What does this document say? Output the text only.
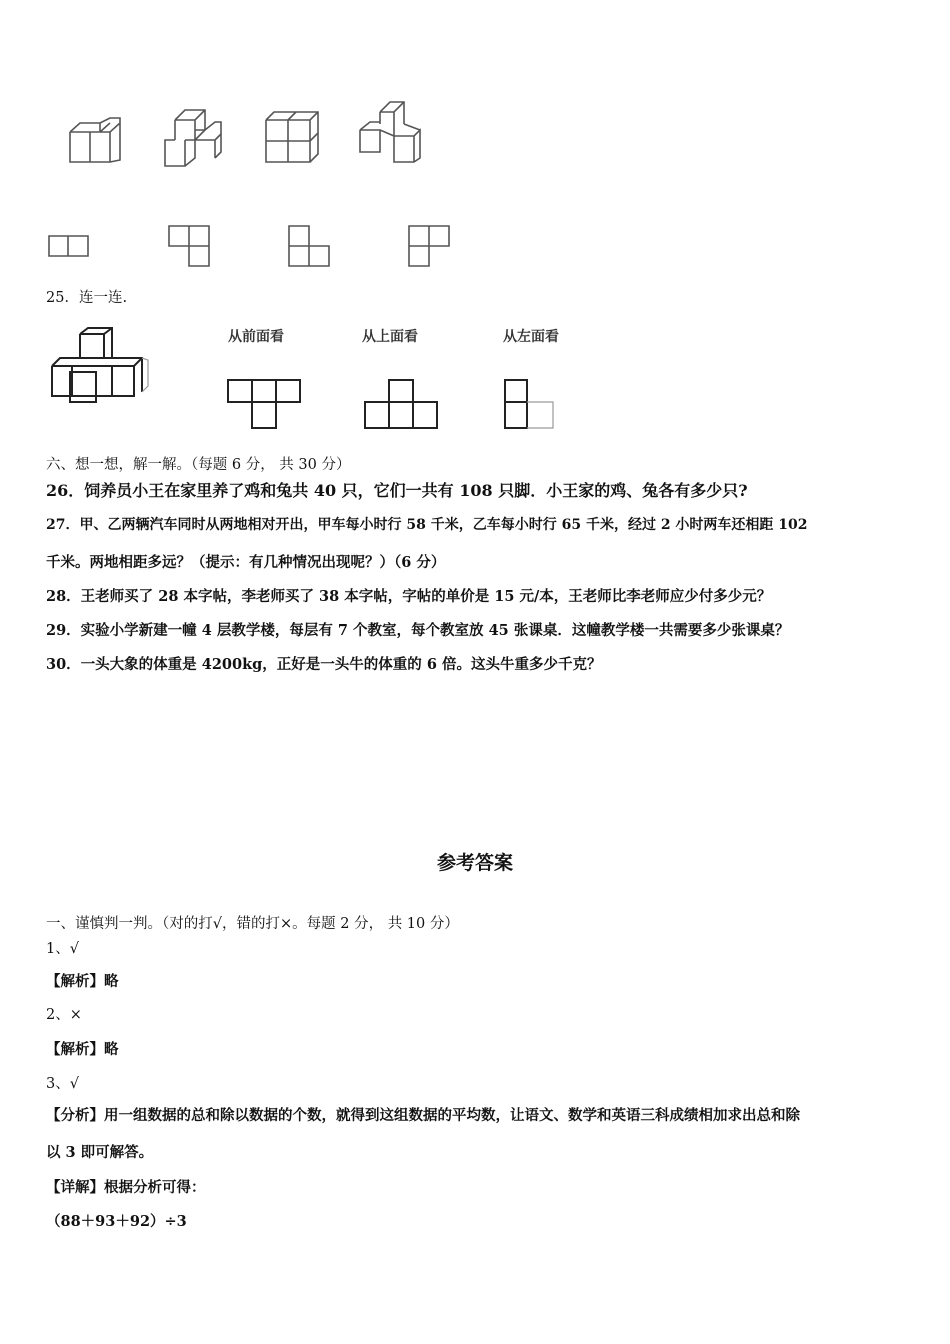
25．连一连.
从前面看	从上面看	从左面看
六、想一想，解一解。（每题 6 分， 共 30 分）
26．饲养员小王在家里养了鸡和兔共 40 只，它们一共有 108 只脚．小王家的鸡、兔各有多少只?
27．甲、乙两辆汽车同时从两地相对开出，甲车每小时行 58 千米，乙车每小时行 65 千米，经过 2 小时两车还相距 102
千米。两地相距多远？（提示：有几种情况出现呢？）（6 分）
28．王老师买了 28 本字帖，李老师买了 38 本字帖，字帖的单价是 15 元/本，王老师比李老师应少付多少元？
29．实验小学新建一幢 4 层教学楼，每层有 7 个教室，每个教室放 45 张课桌．这幢教学楼一共需要多少张课桌？
30．一头大象的体重是 4200kg，正好是一头牛的体重的 6 倍。这头牛重多少千克？
参考答案
一、谨慎判一判。（对的打√，错的打×。每题 2 分， 共 10 分）
1、√
【解析】略
2、×
【解析】略
3、√
【分析】用一组数据的总和除以数据的个数，就得到这组数据的平均数，让语文、数学和英语三科成绩相加求出总和除
以 3 即可解答。
【详解】根据分析可得：
（88＋93＋92）÷3
